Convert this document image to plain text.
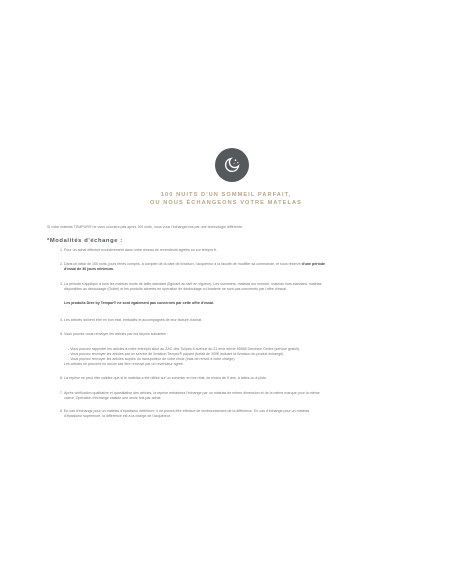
100 NUITS D'UN SOMMEIL PARFAIT,
OU NOUS ÉCHANGEONS VOTRE MATELAS
Si votre matelas TEMPUR® ne vous convient pas après 100 nuits, nous vous l'échangerons par une technologie différente.
*Modalités d'échange :
1. Pour un achat effectué exclusivement dans notre réseau de revendeurs agréés ou sur tempur.fr.
2. Dans un délai de 100 nuits, jours fériés compris, à compter de la date de livraison, l'acquéreur a la faculté de modifier sa commande, et sous réserve d'une période
d'essai de 30 jours minimum.
3. La période s'applique à tous les matelas neufs de taille standard (figurant au tarif en vigueur). Les sommiers, matelas sur mesure, matelas hors standard, matelas
disponibles au déstockage (Outlet) et les produits achetés en opération de déstockage ou braderie ne sont pas concernés par l'offre d'essai.
Les produits Dree by Tempur® ne sont également pas concernés par cette offre d'essai.
4. Les articles doivent être en bon état, emballés et accompagnés de leur facture d'achat.
5. Vous pouvez nous renvoyer les articles par les façons suivantes :
- Vous pouvez rapporter les articles à notre entrepôt situé au ZAC des Tulipes 8 avenue du 21 ème siècle 95585 Genesse Cedex (service gratuit).
- Vous pouvez renvoyer les articles par un service de livraison Tempur® payant (forfait de 300€ incluant la livraison du produit échangé).
- Vous pouvez renvoyer les articles auprès du transporteur de votre choix (frais de renvoi à votre charge).
Les articles ne peuvent en aucun cas être renvoyé par un revendeur agréé.
6. La reprise ne peut être validée que si le matelas a été utilisé sur un sommier en bon état, de moins de 5 ans, à lattes ou à plots.
7. Après vérification qualitative et quantitative des articles, la reprise entrainera l'échange par un matelas de même dimension et de la même marque pour la même
valeur. Opération d'échange valable une seule fois par achat.
8. En cas d'échange pour un matelas d'épaisseur inférieure, il ne pourra être effectué de remboursement de la différence. En cas d'échange pour un matelas
d'épaisseur supérieure, la différence est à la charge de l'acquéreur.
